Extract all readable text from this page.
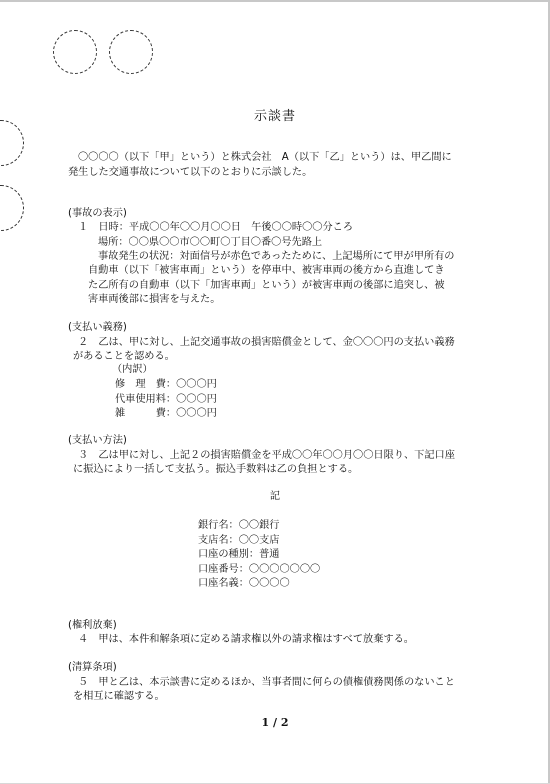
示談書
〇〇〇〇（以下「甲」という）と株式会社　A（以下「乙」という）は、甲乙間に
発生した交通事故について以下のとおりに示談した。
(事故の表示)
１　日時：平成〇〇年〇〇月〇〇日　午後〇〇時〇〇分ころ
場所：〇〇県〇〇市〇〇町〇丁目〇番〇号先路上
事故発生の状況：対面信号が赤色であったために、上記場所にて甲が甲所有の
自動車（以下「被害車両」という）を停車中、被害車両の後方から直進してき
た乙所有の自動車（以下「加害車両」という）が被害車両の後部に追突し、被
害車両後部に損害を与えた。
(支払い義務)
２　乙は、甲に対し、上記交通事故の損害賠償金として、金〇〇〇円の支払い義務
があることを認める。
（内訳）
修　理　費：〇〇〇円
代車使用料：〇〇〇円
雑　　　費：〇〇〇円
(支払い方法)
３　乙は甲に対し、上記２の損害賠償金を平成〇〇年〇〇月〇〇日限り、下記口座
に振込により一括して支払う。振込手数料は乙の負担とする。
記
銀行名：〇〇銀行
支店名：〇〇支店
口座の種別：普通
口座番号：〇〇〇〇〇〇〇
口座名義：〇〇〇〇
(権利放棄)
４　甲は、本件和解条項に定める請求権以外の請求権はすべて放棄する。
(清算条項)
５　甲と乙は、本示談書に定めるほか、当事者間に何らの債権債務関係のないこと
を相互に確認する。
1 / 2
